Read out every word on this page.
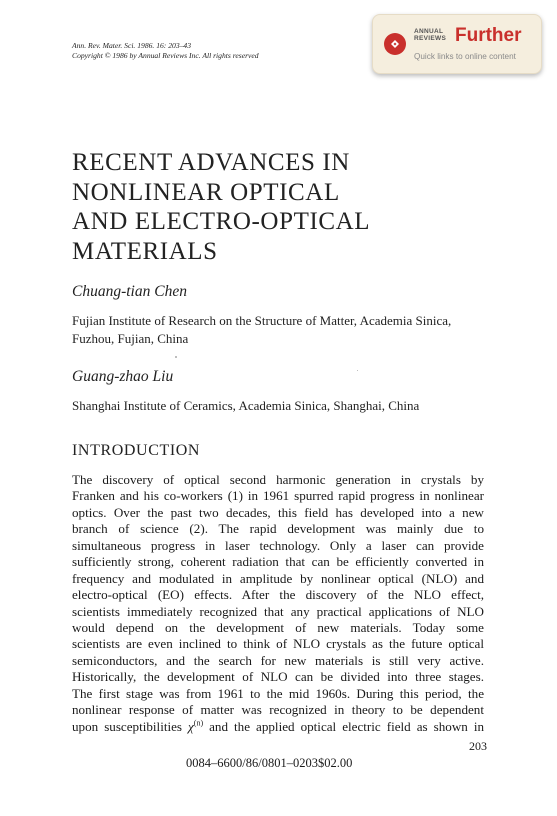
Ann. Rev. Mater. Sci. 1986. 16: 203–43
Copyright © 1986 by Annual Reviews Inc. All rights reserved
ANNUAL
REVIEWS Further
Quick links to online content
RECENT ADVANCES IN
NONLINEAR OPTICAL
AND ELECTRO-OPTICAL
MATERIALS
Chuang-tian Chen
Fujian Institute of Research on the Structure of Matter, Academia Sinica,
Fuzhou, Fujian, China
Guang-zhao Liu
Shanghai Institute of Ceramics, Academia Sinica, Shanghai, China
INTRODUCTION
The discovery of optical second harmonic generation in crystals by
Franken and his co-workers (1) in 1961 spurred rapid progress in nonlinear
optics. Over the past two decades, this field has developed into a new
branch of science (2). The rapid development was mainly due to
simultaneous progress in laser technology. Only a laser can provide
sufficiently strong, coherent radiation that can be efficiently converted in
frequency and modulated in amplitude by nonlinear optical (NLO) and
electro-optical (EO) effects. After the discovery of the NLO effect,
scientists immediately recognized that any practical applications of NLO
would depend on the development of new materials. Today some
scientists are even inclined to think of NLO crystals as the future optical
semiconductors, and the search for new materials is still very active.
Historically, the development of NLO can be divided into three stages.
The first stage was from 1961 to the mid 1960s. During this period, the
nonlinear response of matter was recognized in theory to be dependent
upon susceptibilities $\chi^{(n)}$ and the applied optical electric field as shown in
203
0084–6600/86/0801–0203$02.00
